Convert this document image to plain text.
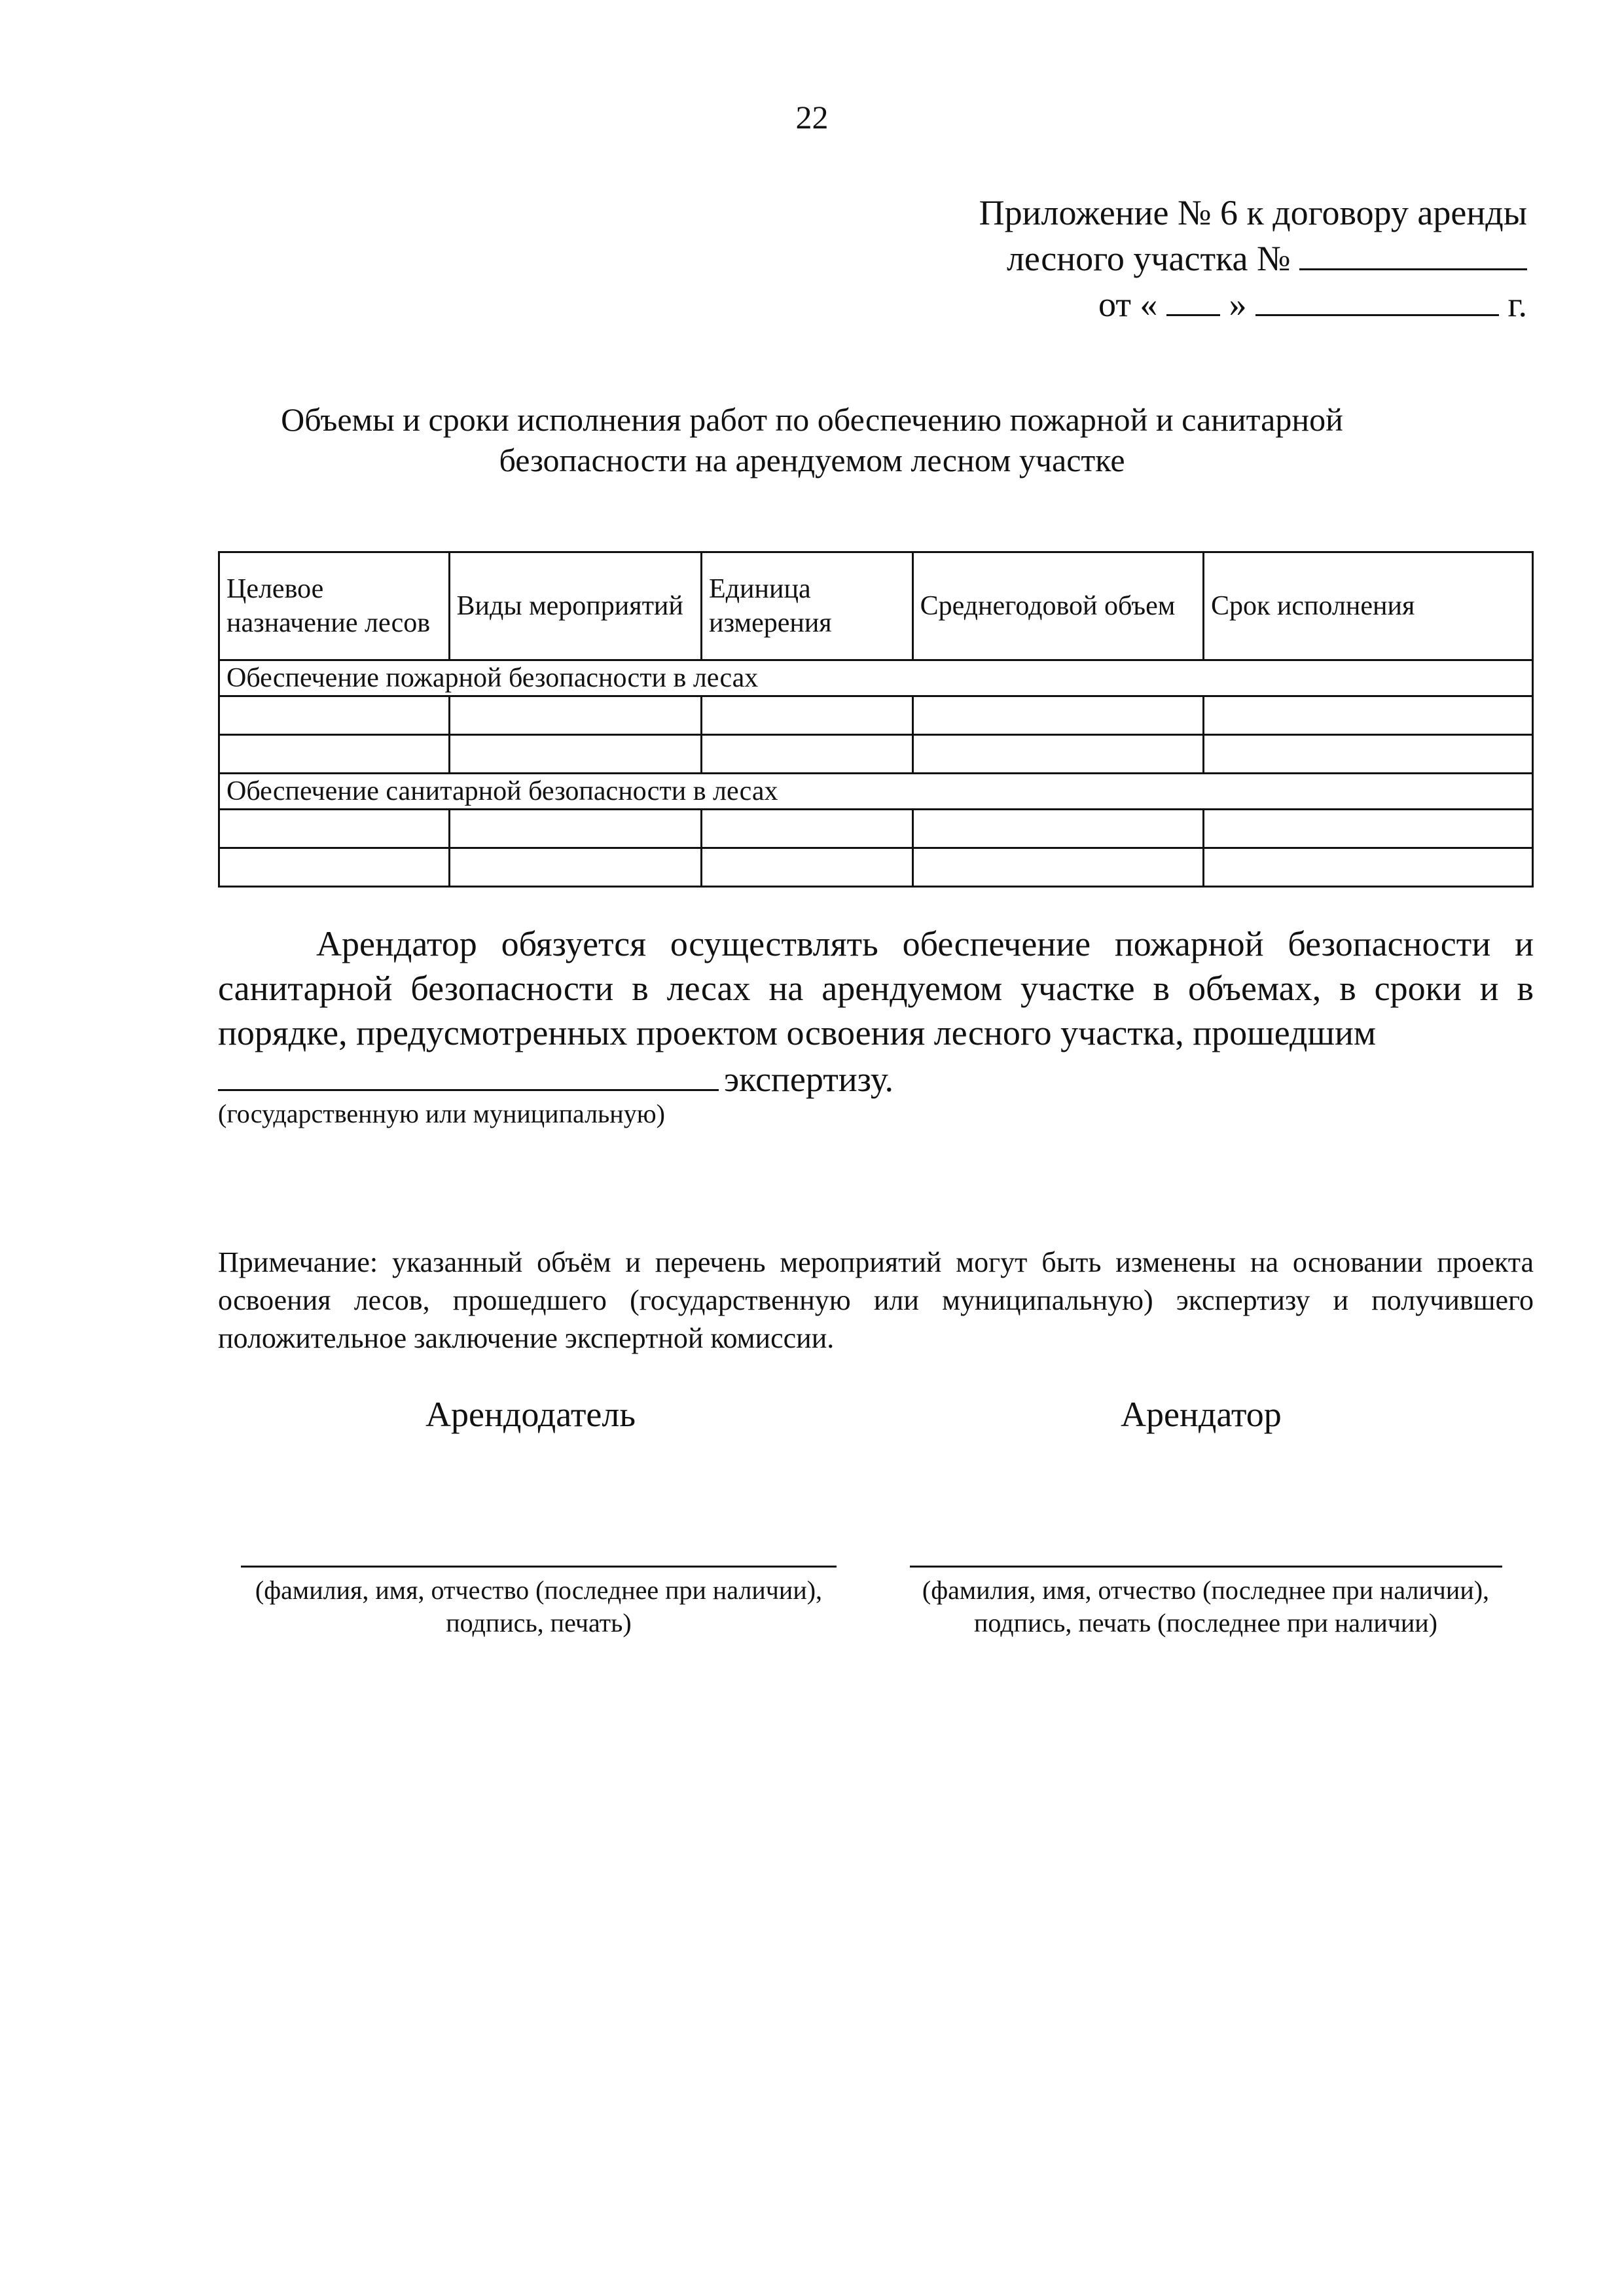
22
Приложение № 6 к договору аренды
лесного участка №
от « »	г.
Объемы и сроки исполнения работ по обеспечению пожарной и санитарной
безопасности на арендуемом лесном участке
Целевое назначение лесов	Виды мероприятий	Единица измерения	Среднегодовой объем	Срок исполнения
Обеспечение пожарной безопасности в лесах				

Обеспечение санитарной безопасности в лесах				

Арендатор обязуется осуществлять обеспечение пожарной безопасности и санитарной безопасности в лесах на арендуемом участке в объемах, в сроки и в порядке, предусмотренных проектом освоения лесного участка, прошедшим
экспертизу.
(государственную или муниципальную)
Примечание: указанный объём и перечень мероприятий могут быть изменены на основании проекта освоения лесов, прошедшего (государственную или муниципальную) экспертизу и получившего положительное заключение экспертной комиссии.
Арендодатель	Арендатор
(фамилия, имя, отчество (последнее при наличии),
подпись, печать)
(фамилия, имя, отчество (последнее при наличии),
подпись, печать (последнее при наличии)
